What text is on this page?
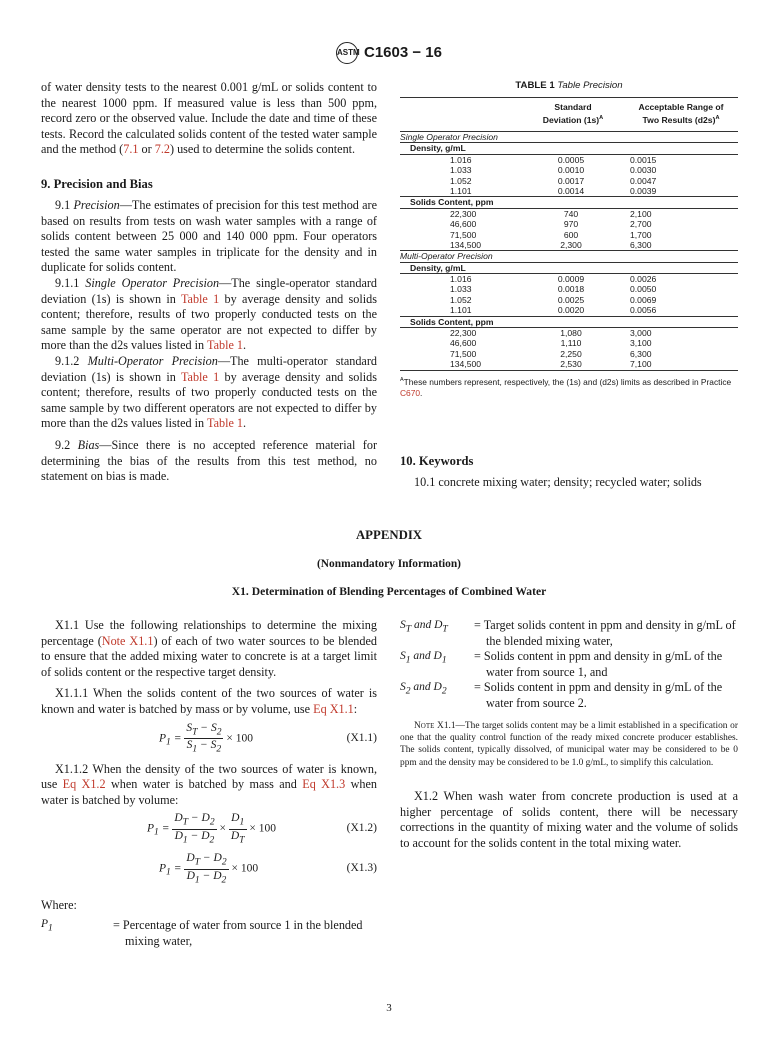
ASTM C1603 − 16

of water density tests to the nearest 0.001 g/mL or solids content to the nearest 1000 ppm. If measured value is less than 500 ppm, record zero or the observed value. Include the date and time of these tests. Record the calculated solids content of the tested water sample and the method (7.1 or 7.2) used to determine the solids content.

9. Precision and Bias

9.1 Precision—The estimates of precision for this test method are based on results from tests on wash water samples with a range of solids content between 25 000 and 140 000 ppm. Four operators tested the same water samples in triplicate for the density and in duplicate for solids content.

9.1.1 Single Operator Precision—The single-operator standard deviation (1s) is shown in Table 1 by average density and solids content; therefore, results of two properly conducted tests on the same sample by the same operator are not expected to differ by more than the d2s values listed in Table 1.

9.1.2 Multi-Operator Precision—The multi-operator standard deviation (1s) is shown in Table 1 by average density and solids content; therefore, results of two properly conducted tests on the same sample by two different operators are not expected to differ by more than the d2s values listed in Table 1.

9.2 Bias—Since there is no accepted reference material for determining the bias of the results from this test method, no statement on bias is made.

TABLE 1 Table Precision
Standard
Deviation $(1s)^A$
Acceptable Range of
Two Results $(d2s)^A$
Single Operator Precision
Density, g/mL
1.016	0.0005	0.0015
1.033	0.0010	0.0030
1.052	0.0017	0.0047
1.101	0.0014	0.0039
Solids Content, ppm
22,300	740	2,100
46,600	970	2,700
71,500	600	1,700
134,500	2,300	6,300
Multi-Operator Precision
Density, g/mL
1.016	0.0009	0.0026
1.033	0.0018	0.0050
1.052	0.0025	0.0069
1.101	0.0020	0.0056
Solids Content, ppm
22,300	1,080	3,000
46,600	1,110	3,100
71,500	2,250	6,300
134,500	2,530	7,100
$^A$These numbers represent, respectively, the (1s) and (d2s) limits as described in Practice C670.
10. Keywords

10.1 concrete mixing water; density; recycled water; solids

APPENDIX
(Nonmandatory Information)
X1. Determination of Blending Percentages of Combined Water

X1.1 Use the following relationships to determine the mixing percentage (Note X1.1) of each of two water sources to be blended to ensure that the added mixing water to concrete is at a target limit of solids content or the respective target density.

X1.1.1 When the solids content of the two sources of water is known and water is batched by mass or by volume, use Eq X1.1:

$P_1 = \frac{S_T - S_2}{S_1 - S_2} \times 100$	(X1.1)

X1.1.2 When the density of the two sources of water is known, use Eq X1.2 when water is batched by mass and Eq X1.3 when water is batched by volume:

$P_1 = \frac{D_T - D_2}{D_1 - D_2} \times \frac{D_1}{D_T} \times 100$	(X1.2)
$P_1 = \frac{D_T - D_2}{D_1 - D_2} \times 100$	(X1.3)
Where:
$P_1$	= Percentage of water from source 1 in the blended mixing water,
$S_T$ and $D_T$ = Target solids content in ppm and density in g/mL of the blended mixing water,
$S_1$ and $D_1$ = Solids content in ppm and density in g/mL of the water from source 1, and
$S_2$ and $D_2$ = Solids content in ppm and density in g/mL of the water from source 2.

Note X1.1—The target solids content may be a limit established in a specification or one that the quality control function of the ready mixed concrete producer establishes. The solids content, typically dissolved, of municipal water may be considered to be 0 ppm and the density may be considered to be 1.0 g/mL, to simplify this calculation.

X1.2 When wash water from concrete production is used at a higher percentage of solids content, there will be necessary corrections in the quantity of mixing water and the volume of solids to account for the solids content in the total mixing water.

3
